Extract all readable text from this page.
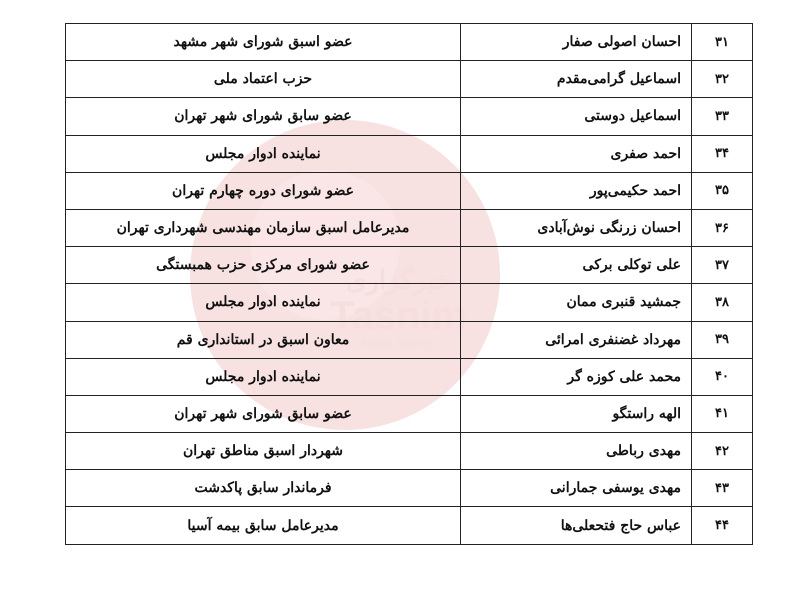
خبرگزاری
Tasnim
News Agency
۳۱	احسان اصولی صفار	عضو اسبق شورای شهر مشهد
۳۲	اسماعیل گرامی‌مقدم	حزب اعتماد ملی
۳۳	اسماعیل دوستی	عضو سابق شورای شهر تهران
۳۴	احمد صفری	نماینده ادوار مجلس
۳۵	احمد حکیمی‌پور	عضو شورای دوره چهارم تهران
۳۶	احسان زرنگی نوش‌آبادی	مدیرعامل اسبق سازمان مهندسی شهرداری تهران
۳۷	علی توکلی برکی	عضو شورای مرکزی حزب همبستگی
۳۸	جمشید قنبری ممان	نماینده ادوار مجلس
۳۹	مهرداد غضنفری امرائی	معاون اسبق در استانداری قم
۴۰	محمد علی کوزه گر	نماینده ادوار مجلس
۴۱	الهه راستگو	عضو سابق شورای شهر تهران
۴۲	مهدی رباطی	شهردار اسبق مناطق تهران
۴۳	مهدی یوسفی جمارانی	فرماندار سابق پاکدشت
۴۴	عباس حاج فتحعلی‌ها	مدیرعامل سابق بیمه آسیا
